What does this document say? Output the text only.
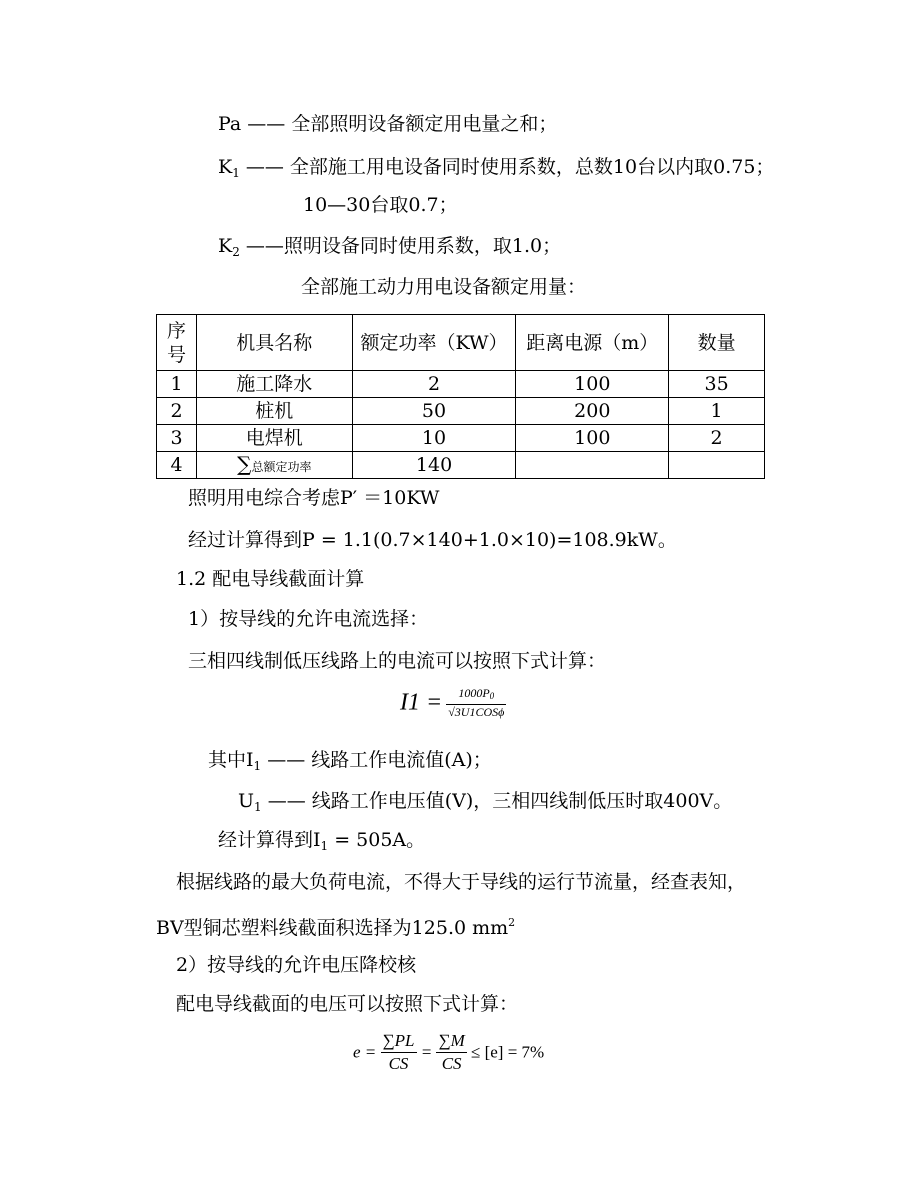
Pa —— 全部照明设备额定用电量之和；
$K_1$ —— 全部施工用电设备同时使用系数，总数10台以内取0.75；
10—30台取0.7；
$K_2$ ——照明设备同时使用系数，取1.0；
全部施工动力用电设备额定用量：
序号	机具名称	额定功率（KW）	距离电源（m）	数量
1	施工降水	2	100	35
2	桩机	50	200	1
3	电焊机	10	100	2
4	∑总额定功率	140		
照明用电综合考虑P′ ＝10KW
经过计算得到P = 1.1(0.7×140+1.0×10)=108.9kW。
1.2 配电导线截面计算
1）按导线的允许电流选择：
三相四线制低压线路上的电流可以按照下式计算：
$I1 = \frac{1000P0}{\text{√3U1COSϕ}}$
其中$I_1$ —— 线路工作电流值(A)；
$U_1$ —— 线路工作电压值(V)，三相四线制低压时取400V。
经计算得到$I_1 = 505A$。
根据线路的最大负荷电流，不得大于导线的运行节流量，经查表知，
BV型铜芯塑料线截面积选择为125.0 $mm^2$
2）按导线的允许电压降校核
配电导线截面的电压可以按照下式计算：
$e = \frac{\sum PL}{CS} = \frac{\sum M}{CS} \le [e] = 7\%$
